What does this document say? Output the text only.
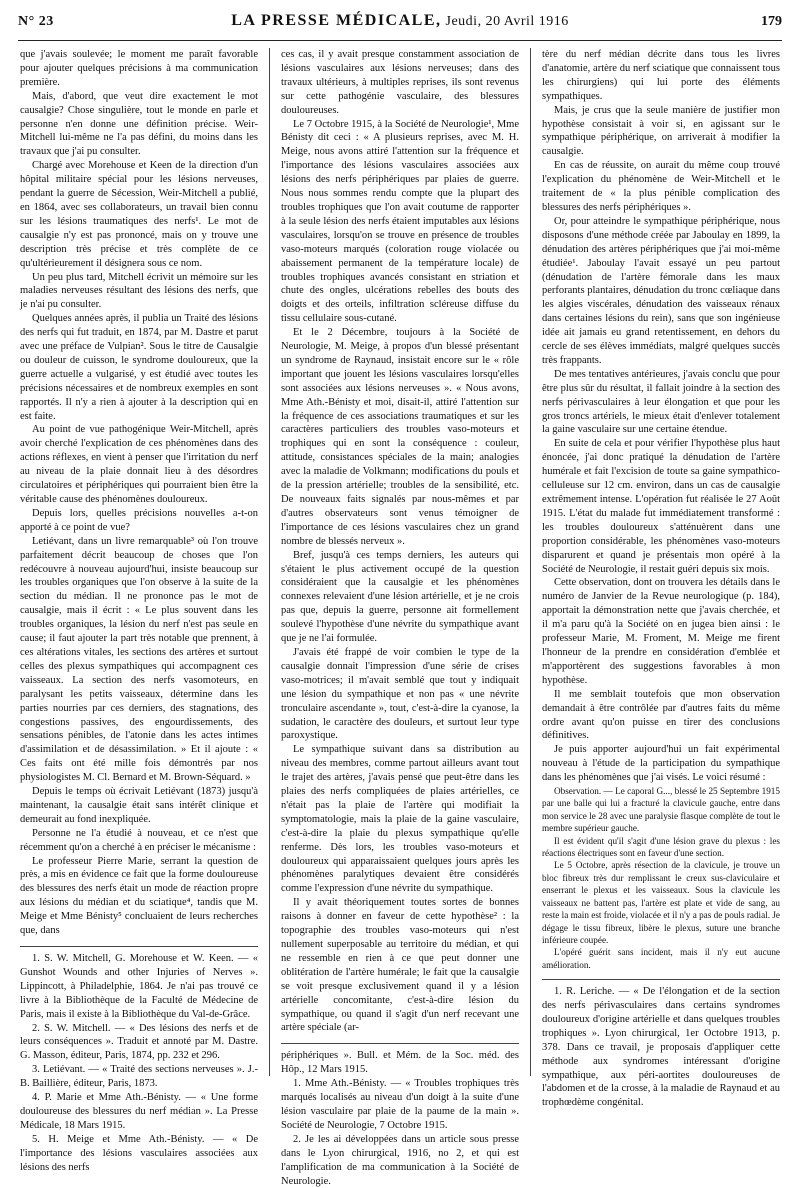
N° 23	LA PRESSE MÉDICALE, Jeudi, 20 Avril 1916	179

que j'avais soulevée; le moment me paraît favorable pour ajouter quelques précisions à ma communication première.

Mais, d'abord, que veut dire exactement le mot causalgie? Chose singulière, tout le monde en parle et personne n'en donne une définition précise. Weir-Mitchell lui-même ne l'a pas défini, du moins dans les travaux que j'ai pu consulter.

Chargé avec Morehouse et Keen de la direction d'un hôpital militaire spécial pour les lésions nerveuses, pendant la guerre de Sécession, Weir-Mitchell a publié, en 1864, avec ses collaborateurs, un travail bien connu sur les lésions traumatiques des nerfs¹. Le mot de causalgie n'y est pas prononcé, mais on y trouve une description très précise et très complète de ce qu'ultérieurement il désignera sous ce nom.

Un peu plus tard, Mitchell écrivit un mémoire sur les maladies nerveuses résultant des lésions des nerfs, que je n'ai pu consulter.

Quelques années après, il publia un Traité des lésions des nerfs qui fut traduit, en 1874, par M. Dastre et parut avec une préface de Vulpian². Sous le titre de Causalgie ou douleur de cuisson, le syndrome douloureux, que la guerre actuelle a vulgarisé, y est étudié avec toutes les précisions nécessaires et de nombreux exemples en sont rapportés. Il n'y a rien à ajouter à la description qui en est faite.

Au point de vue pathogénique Weir-Mitchell, après avoir cherché l'explication de ces phénomènes dans des actions réflexes, en vient à penser que l'irritation du nerf au niveau de la plaie donnait lieu à des désordres circulatoires et périphériques qui pourraient bien être la véritable cause des phénomènes douloureux.

Depuis lors, quelles précisions nouvelles a-t-on apporté à ce point de vue?

Letiévant, dans un livre remarquable³ où l'on trouve parfaitement décrit beaucoup de choses que l'on redécouvre à nouveau aujourd'hui, insiste beaucoup sur les troubles organiques que l'on observe à la suite de la section du médian. Il ne prononce pas le mot de causalgie, mais il écrit : « Le plus souvent dans les troubles organiques, la lésion du nerf n'est pas seule en cause; il faut ajouter la part très notable que prennent, à ces altérations vitales, les sections des artères et surtout celles des plexus sympathiques qui accompagnent ces vaisseaux. La section des nerfs vasomoteurs, en paralysant les petits vaisseaux, détermine dans les parties nourries par ces derniers, des stagnations, des congestions passives, des engourdissements, des sensations pénibles, de l'atonie dans les actes intimes d'assimilation et de désassimilation. » Et il ajoute : « Ces faits ont été mille fois démontrés par nos physiologistes M. Cl. Bernard et M. Brown-Séquard. »

Depuis le temps où écrivait Letiévant (1873) jusqu'à maintenant, la causalgie était sans intérêt clinique et demeurait au fond inexpliquée.

Personne ne l'a étudié à nouveau, et ce n'est que récemment qu'on a cherché à en préciser le mécanisme :

Le professeur Pierre Marie, serrant la question de près, a mis en évidence ce fait que la forme douloureuse des blessures des nerfs était un mode de réaction propre aux lésions du médian et du sciatique⁴, tandis que M. Meige et Mme Bénisty⁵ concluaient de leurs recherches que, dans

1. S. W. Mitchell, G. Morehouse et W. Keen. — « Gunshot Wounds and other Injuries of Nerves ». Lippincott, à Philadelphie, 1864. Je n'ai pas trouvé ce livre à la Bibliothèque de la Faculté de Médecine de Paris, mais il existe à la Bibliothèque du Val-de-Grâce.

2. S. W. Mitchell. — « Des lésions des nerfs et de leurs conséquences ». Traduit et annoté par M. Dastre. G. Masson, éditeur, Paris, 1874, pp. 232 et 296.

3. Letiévant. — « Traité des sections nerveuses ». J.-B. Baillière, éditeur, Paris, 1873.

4. P. Marie et Mme Ath.-Bénisty. — « Une forme douloureuse des blessures du nerf médian ». La Presse Médicale, 18 Mars 1915.

5. H. Meige et Mme Ath.-Bénisty. — « De l'importance des lésions vasculaires associées aux lésions des nerfs

ces cas, il y avait presque constamment association de lésions vasculaires aux lésions nerveuses; dans des travaux ultérieurs, à multiples reprises, ils sont revenus sur cette pathogénie vasculaire, des blessures douloureuses.

Le 7 Octobre 1915, à la Société de Neurologie¹, Mme Bénisty dit ceci : « A plusieurs reprises, avec M. H. Meige, nous avons attiré l'attention sur la fréquence et l'importance des lésions vasculaires associées aux lésions des nerfs périphériques par plaies de guerre. Nous nous sommes rendu compte que la plupart des troubles trophiques que l'on avait coutume de rapporter à la seule lésion des nerfs étaient imputables aux lésions vasculaires, lorsqu'on se trouve en présence de troubles vaso-moteurs marqués (coloration rouge violacée ou abaissement permanent de la température locale) de troubles trophiques avancés consistant en striation et chute des ongles, ulcérations rebelles des bouts des doigts et des orteils, infiltration scléreuse diffuse du tissu cellulaire sous-cutané.

Et le 2 Décembre, toujours à la Société de Neurologie, M. Meige, à propos d'un blessé présentant un syndrome de Raynaud, insistait encore sur le « rôle important que jouent les lésions vasculaires lorsqu'elles sont associées aux lésions nerveuses ». « Nous avons, Mme Ath.-Bénisty et moi, disait-il, attiré l'attention sur la fréquence de ces associations traumatiques et sur les caractères particuliers des troubles vaso-moteurs et trophiques qui en sont la conséquence : couleur, attitude, consistances spéciales de la main; analogies avec la maladie de Volkmann; modifications du pouls et de la pression artérielle; troubles de la sensibilité, etc. De nouveaux faits signalés par nous-mêmes et par d'autres observateurs sont venus témoigner de l'importance de ces lésions vasculaires chez un grand nombre de blessés nerveux ».

Bref, jusqu'à ces temps derniers, les auteurs qui s'étaient le plus activement occupé de la question considéraient que la causalgie et les phénomènes connexes relevaient d'une lésion artérielle, et je ne crois pas que, depuis la guerre, personne ait formellement soulevé l'hypothèse d'une névrite du sympathique avant que je ne l'ai formulée.

J'avais été frappé de voir combien le type de la causalgie donnait l'impression d'une série de crises vaso-motrices; il m'avait semblé que tout y indiquait une lésion du sympathique et non pas « une névrite tronculaire ascendante », tout, c'est-à-dire la cyanose, la sudation, le caractère des douleurs, et surtout leur type paroxystique.

Le sympathique suivant dans sa distribution au niveau des membres, comme partout ailleurs avant tout le trajet des artères, j'avais pensé que peut-être dans les plaies des nerfs compliquées de plaies artérielles, ce n'était pas la plaie de l'artère qui modifiait la symptomatologie, mais la plaie de la gaine vasculaire, c'est-à-dire la plaie du plexus sympathique qu'elle renferme. Dès lors, les troubles vaso-moteurs et douloureux qui apparaissaient quelques jours après les phénomènes paralytiques devaient être considérés comme l'expression d'une névrite du sympathique.

Il y avait théoriquement toutes sortes de bonnes raisons à donner en faveur de cette hypothèse² : la topographie des troubles vaso-moteurs qui n'est nullement superposable au territoire du médian, et qui ne ressemble en rien à ce que peut donner une oblitération de l'artère humérale; le fait que la causalgie se voit presque exclusivement quand il y a lésion artérielle concomitante, c'est-à-dire lésion du sympathique, ou quand il s'agit d'un nerf recevant une artère spéciale (ar-

périphériques ». Bull. et Mém. de la Soc. méd. des Hôp., 12 Mars 1915.

1. Mme Ath.-Bénisty. — « Troubles trophiques très marqués localisés au niveau d'un doigt à la suite d'une lésion vasculaire par plaie de la paume de la main ». Société de Neurologie, 7 Octobre 1915.

2. Je les ai développées dans un article sous presse dans le Lyon chirurgical, 1916, no 2, et qui est l'amplification de ma communication à la Société de Neurologie.

tère du nerf médian décrite dans tous les livres d'anatomie, artère du nerf sciatique que connaissent tous les chirurgiens) qui lui porte des éléments sympathiques.

Mais, je crus que la seule manière de justifier mon hypothèse consistait à voir si, en agissant sur le sympathique périphérique, on arriverait à modifier la causalgie.

En cas de réussite, on aurait du même coup trouvé l'explication du phénomène de Weir-Mitchell et le traitement de « la plus pénible complication des blessures des nerfs périphériques ».

Or, pour atteindre le sympathique périphérique, nous disposons d'une méthode créée par Jaboulay en 1899, la dénudation des artères périphériques que j'ai moi-même étudiée¹. Jaboulay l'avait essayé un peu partout (dénudation de l'artère fémorale dans les maux perforants plantaires, dénudation du tronc cœliaque dans les algies viscérales, dénudation des vaisseaux rénaux dans certaines lésions du rein), sans que son ingénieuse idée ait jamais eu grand retentissement, en dehors du cercle de ses élèves immédiats, malgré quelques succès très frappants.

De mes tentatives antérieures, j'avais conclu que pour être plus sûr du résultat, il fallait joindre à la section des nerfs périvasculaires à leur élongation et que pour les gros troncs artériels, le mieux était d'enlever totalement la gaine vasculaire sur une certaine étendue.

En suite de cela et pour vérifier l'hypothèse plus haut énoncée, j'ai donc pratiqué la dénudation de l'artère humérale et fait l'excision de toute sa gaine sympathico-celluleuse sur 12 cm. environ, dans un cas de causalgie extrêmement intense. L'opération fut réalisée le 27 Août 1915. L'état du malade fut immédiatement transformé : les troubles douloureux s'atténuèrent dans une proportion considérable, les phénomènes vaso-moteurs disparurent et quand je présentais mon opéré à la Société de Neurologie, il restait guéri depuis six mois.

Cette observation, dont on trouvera les détails dans le numéro de Janvier de la Revue neurologique (p. 184), apportait la démonstration nette que j'avais cherchée, et il m'a paru qu'à la Société on en jugea bien ainsi : le professeur Marie, M. Froment, M. Meige me firent l'honneur de la prendre en considération d'emblée et m'apportèrent des suggestions favorables à mon hypothèse.

Il me semblait toutefois que mon observation demandait à être contrôlée par d'autres faits du même ordre avant qu'on puisse en tirer des conclusions définitives.

Je puis apporter aujourd'hui un fait expérimental nouveau à l'étude de la participation du sympathique dans les phénomènes que j'ai visés. Le voici résumé :

Observation. — Le caporal G..., blessé le 25 Septembre 1915 par une balle qui lui a fracturé la clavicule gauche, entre dans mon service le 28 avec une paralysie flasque complète de tout le membre supérieur gauche.

Il est évident qu'il s'agit d'une lésion grave du plexus : les réactions électriques sont en faveur d'une section.

Le 5 Octobre, après résection de la clavicule, je trouve un bloc fibreux très dur remplissant le creux sus-claviculaire et enserrant le plexus et les vaisseaux. Sous la clavicule les vaisseaux ne battent pas, l'artère est plate et vide de sang, au reste la main est froide, violacée et il n'y a pas de pouls radial. Je dégage le tissu fibreux, libère le plexus, suture une branche inférieure coupée.

L'opéré guérit sans incident, mais il n'y eut aucune amélioration.

1. R. Leriche. — « De l'élongation et de la section des nerfs périvasculaires dans certains syndromes douloureux d'origine artérielle et dans quelques troubles trophiques ». Lyon chirurgical, 1er Octobre 1913, p. 378. Dans ce travail, je proposais d'appliquer cette méthode aux syndromes intéressant d'origine sympathique, aux péri-aortites douloureuses de l'abdomen et de la crosse, à la maladie de Raynaud et au trophœdème congénital.
